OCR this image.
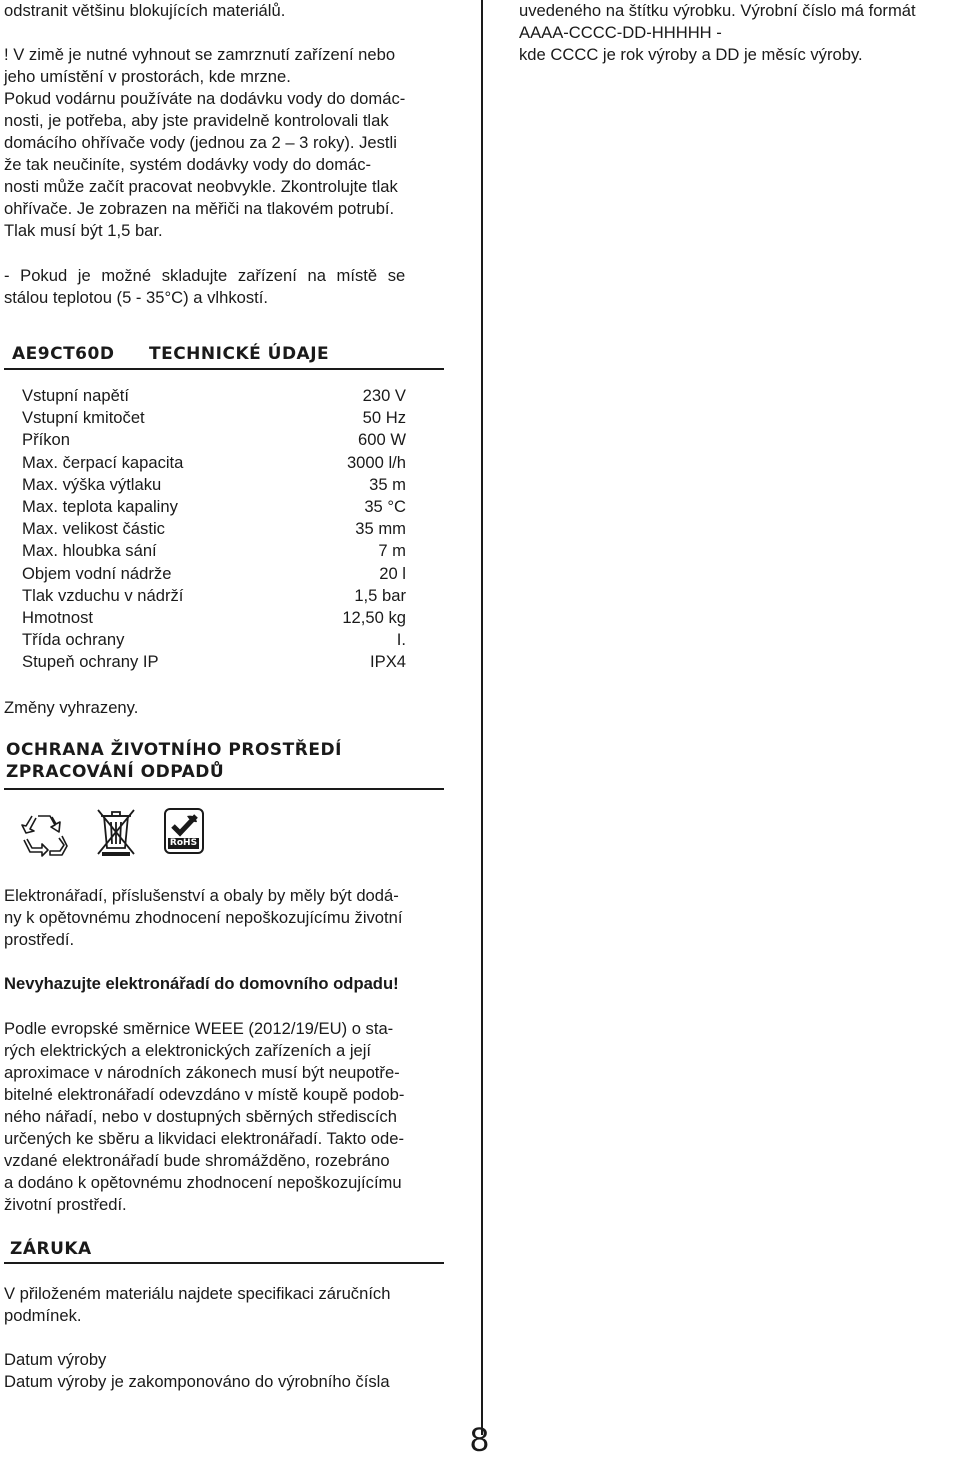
odstranit většinu blokujících materiálů.

! V zimě je nutné vyhnout se zamrznutí zařízení nebo

jeho umístění v prostorách, kde mrzne.

Pokud vodárnu používáte na dodávku vody do domác-

nosti, je potřeba, aby jste pravidelně kontrolovali tlak

domácího ohřívače vody (jednou za 2 – 3 roky). Jestli

že tak neučiníte, systém dodávky vody do domác-

nosti může začít pracovat neobvykle. Zkontrolujte tlak

ohřívače. Je zobrazen na měřiči na tlakovém potrubí.

Tlak musí být 1,5 bar.

- Pokud je možné skladujte zařízení na místě se

stálou teplotou (5 - 35°C) a vlhkostí.

AE9CT60D TECHNICKÉ ÚDAJE
Vstupní napětí	230 V
Vstupní kmitočet	50 Hz
Příkon	600 W
Max. čerpací kapacita	3000 l/h
Max. výška výtlaku	35 m
Max. teplota kapaliny	35 °C
Max. velikost částic	35 mm
Max. hloubka sání	7 m
Objem vodní nádrže	20 l
Tlak vzduchu v nádrží	1,5 bar
Hmotnost	12,50 kg
Třída ochrany	I.
Stupeň ochrany IP	IPX4

Změny vyhrazeny.

OCHRANA ŽIVOTNÍHO PROSTŘEDÍ
ZPRACOVÁNÍ ODPADŮ
RoHS

Elektronářadí, příslušenství a obaly by měly být dodá-

ny k opětovnému zhodnocení nepoškozujícímu životní

prostředí.

Nevyhazujte elektronářadí do domovního odpadu!

Podle evropské směrnice WEEE (2012/19/EU) o sta-

rých elektrických a elektronických zařízeních a její

aproximace v národních zákonech musí být neupotře-

bitelné elektronářadí odevzdáno v místě koupě podob-

ného nářadí, nebo v dostupných sběrných střediscích

určených ke sběru a likvidaci elektronářadí. Takto ode-

vzdané elektronářadí bude shromážděno, rozebráno

a dodáno k opětovnému zhodnocení nepoškozujícímu

životní prostředí.

ZÁRUKA

V přiloženém materiálu najdete specifikaci záručních

podmínek.

Datum výroby

Datum výroby je zakomponováno do výrobního čísla

uvedeného na štítku výrobku. Výrobní číslo má formát

AAAA-CCCC-DD-HHHHH -

kde CCCC je rok výroby a DD je měsíc výroby.

8
